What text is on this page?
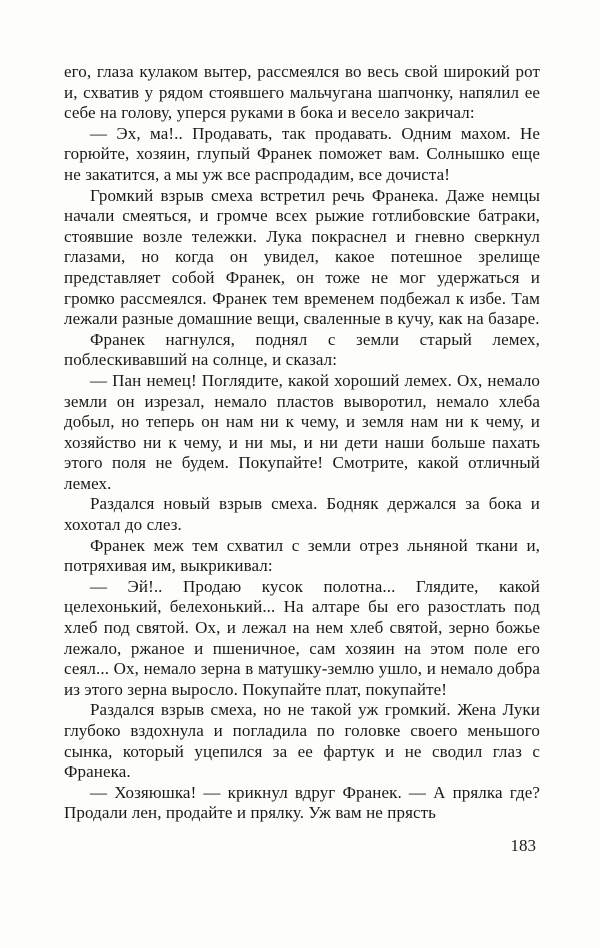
его, глаза кулаком вытер, рассмеялся во весь свой широкий рот и, схватив у рядом стоявшего мальчугана шапчонку, напялил ее себе на голову, уперся руками в бока и весело закричал:

— Эх, ма!.. Продавать, так продавать. Одним махом. Не горюйте, хозяин, глупый Франек поможет вам. Солнышко еще не закатится, а мы уж все распродадим, все дочиста!

Громкий взрыв смеха встретил речь Франека. Даже немцы начали смеяться, и громче всех рыжие готлибовские батраки, стоявшие возле тележки. Лука покраснел и гневно сверкнул глазами, но когда он увидел, какое потешное зрелище представляет собой Франек, он тоже не мог удержаться и громко рассмеялся. Франек тем временем подбежал к избе. Там лежали разные домашние вещи, сваленные в кучу, как на базаре.

Франек нагнулся, поднял с земли старый лемех, поблескивавший на солнце, и сказал:

— Пан немец! Поглядите, какой хороший лемех. Ох, немало земли он изрезал, немало пластов выворотил, немало хлеба добыл, но теперь он нам ни к чему, и земля нам ни к чему, и хозяйство ни к чему, и ни мы, и ни дети наши больше пахать этого поля не будем. Покупайте! Смотрите, какой отличный лемех.

Раздался новый взрыв смеха. Бодняк держался за бока и хохотал до слез.

Франек меж тем схватил с земли отрез льняной ткани и, потряхивая им, выкрикивал:

— Эй!.. Продаю кусок полотна... Глядите, какой целехонький, белехонький... На алтаре бы его разостлать под хлеб под святой. Ох, и лежал на нем хлеб святой, зерно божье лежало, ржаное и пшеничное, сам хозяин на этом поле его сеял... Ох, немало зерна в матушку-землю ушло, и немало добра из этого зерна выросло. Покупайте плат, покупайте!

Раздался взрыв смеха, но не такой уж громкий. Жена Луки глубоко вздохнула и погладила по головке своего меньшого сынка, который уцепился за ее фартук и не сводил глаз с Франека.

— Хозяюшка! — крикнул вдруг Франек. — А прялка где? Продали лен, продайте и прялку. Уж вам не прясть

183
